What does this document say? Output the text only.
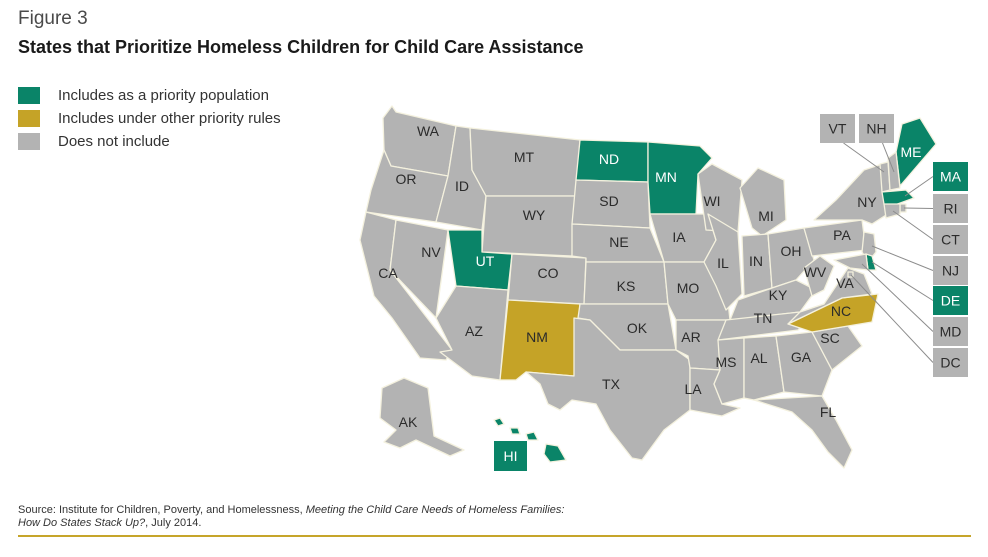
Figure 3
States that Prioritize Homeless Children for Child Care Assistance
Includes as a priority population
Includes under other priority rules
Does not include
WA
OR
CA
NV
ID
MT
WY
UT
AZ
CO
NM
ND
SD
NE
KS
OK
TX
MN
IA
MO
AR
LA
WI
IL
MI
IN
OH
KY
TN
MS AL GA
FL
SC
NC
VA
WV
PA
NY
ME
AK
HI
VT NH
MA
RI
CT
NJ
DE
MD
DC
Source: Institute for Children, Poverty, and Homelessness, Meeting the Child Care Needs of Homeless Families:
How Do States Stack Up?, July 2014.
